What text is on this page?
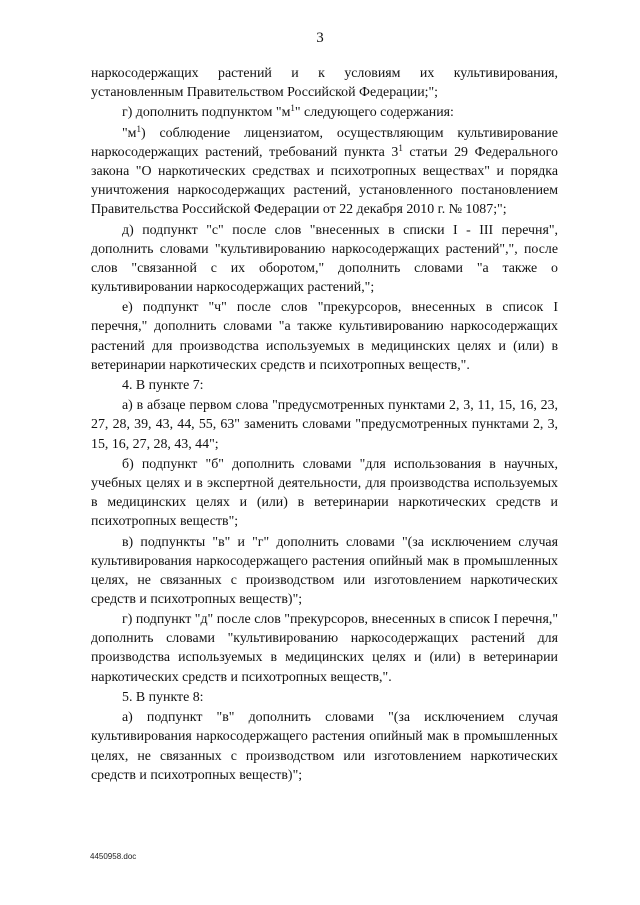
3

наркосодержащих растений и к условиям их культивирования, установленным Правительством Российской Федерации;";

г) дополнить подпунктом "$м^1$" следующего содержания:

"$м^1$) соблюдение лицензиатом, осуществляющим культивирование наркосодержащих растений, требований пункта $3^1$ статьи 29 Федерального закона "О наркотических средствах и психотропных веществах" и порядка уничтожения наркосодержащих растений, установленного постановлением Правительства Российской Федерации от 22 декабря 2010 г. № 1087;";

д) подпункт "с" после слов "внесенных в списки I - III перечня", дополнить словами "культивированию наркосодержащих растений",", после слов "связанной с их оборотом," дополнить словами "а также о культивировании наркосодержащих растений,";

е) подпункт "ч" после слов "прекурсоров, внесенных в список I перечня," дополнить словами "а также культивированию наркосодержащих растений для производства используемых в медицинских целях и (или) в ветеринарии наркотических средств и психотропных веществ,".

4. В пункте 7:

а) в абзаце первом слова "предусмотренных пунктами 2, 3, 11, 15, 16, 23, 27, 28, 39, 43, 44, 55, 63" заменить словами "предусмотренных пунктами 2, 3, 15, 16, 27, 28, 43, 44";

б) подпункт "б" дополнить словами "для использования в научных, учебных целях и в экспертной деятельности, для производства используемых в медицинских целях и (или) в ветеринарии наркотических средств и психотропных веществ";

в) подпункты "в" и "г" дополнить словами "(за исключением случая культивирования наркосодержащего растения опийный мак в промышленных целях, не связанных с производством или изготовлением наркотических средств и психотропных веществ)";

г) подпункт "д" после слов "прекурсоров, внесенных в список I перечня," дополнить словами "культивированию наркосодержащих растений для производства используемых в медицинских целях и (или) в ветеринарии наркотических средств и психотропных веществ,".

5. В пункте 8:

а) подпункт "в" дополнить словами "(за исключением случая культивирования наркосодержащего растения опийный мак в промышленных целях, не связанных с производством или изготовлением наркотических средств и психотропных веществ)";

4450958.doc
